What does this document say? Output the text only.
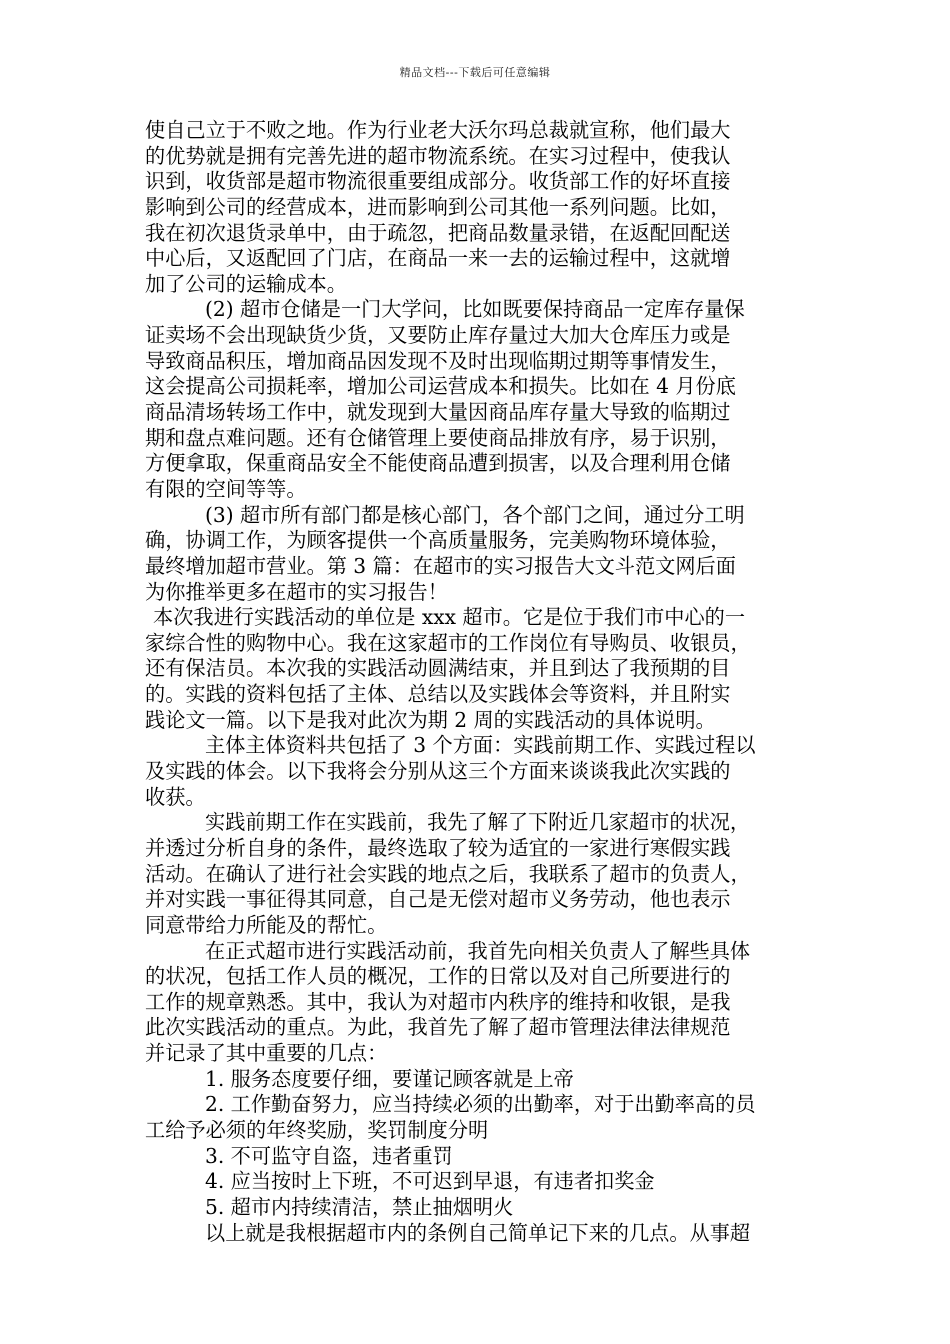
精品文档---下载后可任意编辑
使自己立于不败之地。作为行业老大沃尔玛总裁就宣称，他们最大
的优势就是拥有完善先进的超市物流系统。在实习过程中，使我认
识到，收货部是超市物流很重要组成部分。收货部工作的好坏直接
影响到公司的经营成本，进而影响到公司其他一系列问题。比如，
我在初次退货录单中，由于疏忽，把商品数量录错，在返配回配送
中心后，又返配回了门店，在商品一来一去的运输过程中，这就增
加了公司的运输成本。
(2) 超市仓储是一门大学问，比如既要保持商品一定库存量保
证卖场不会出现缺货少货，又要防止库存量过大加大仓库压力或是
导致商品积压，增加商品因发现不及时出现临期过期等事情发生，
这会提高公司损耗率，增加公司运营成本和损失。比如在 4 月份底
商品清场转场工作中，就发现到大量因商品库存量大导致的临期过
期和盘点难问题。还有仓储管理上要使商品排放有序，易于识别，
方便拿取，保重商品安全不能使商品遭到损害，以及合理利用仓储
有限的空间等等。
(3) 超市所有部门都是核心部门，各个部门之间，通过分工明
确，协调工作，为顾客提供一个高质量服务，完美购物环境体验，
最终增加超市营业。第 3 篇：在超市的实习报告大文斗范文网后面
为你推举更多在超市的实习报告！
本次我进行实践活动的单位是 xxx 超市。它是位于我们市中心的一
家综合性的购物中心。我在这家超市的工作岗位有导购员、收银员，
还有保洁员。本次我的实践活动圆满结束，并且到达了我预期的目
的。实践的资料包括了主体、总结以及实践体会等资料，并且附实
践论文一篇。以下是我对此次为期 2 周的实践活动的具体说明。
主体主体资料共包括了 3 个方面：实践前期工作、实践过程以
及实践的体会。以下我将会分别从这三个方面来谈谈我此次实践的
收获。
实践前期工作在实践前，我先了解了下附近几家超市的状况，
并透过分析自身的条件，最终选取了较为适宜的一家进行寒假实践
活动。在确认了进行社会实践的地点之后，我联系了超市的负责人，
并对实践一事征得其同意，自己是无偿对超市义务劳动，他也表示
同意带给力所能及的帮忙。
在正式超市进行实践活动前，我首先向相关负责人了解些具体
的状况，包括工作人员的概况，工作的日常以及对自己所要进行的
工作的规章熟悉。其中，我认为对超市内秩序的维持和收银，是我
此次实践活动的重点。为此，我首先了解了超市管理法律法律规范
并记录了其中重要的几点：
1. 服务态度要仔细，要谨记顾客就是上帝
2. 工作勤奋努力，应当持续必须的出勤率，对于出勤率高的员
工给予必须的年终奖励，奖罚制度分明
3. 不可监守自盗，违者重罚
4. 应当按时上下班，不可迟到早退，有违者扣奖金
5. 超市内持续清洁，禁止抽烟明火
以上就是我根据超市内的条例自己简单记下来的几点。从事超
